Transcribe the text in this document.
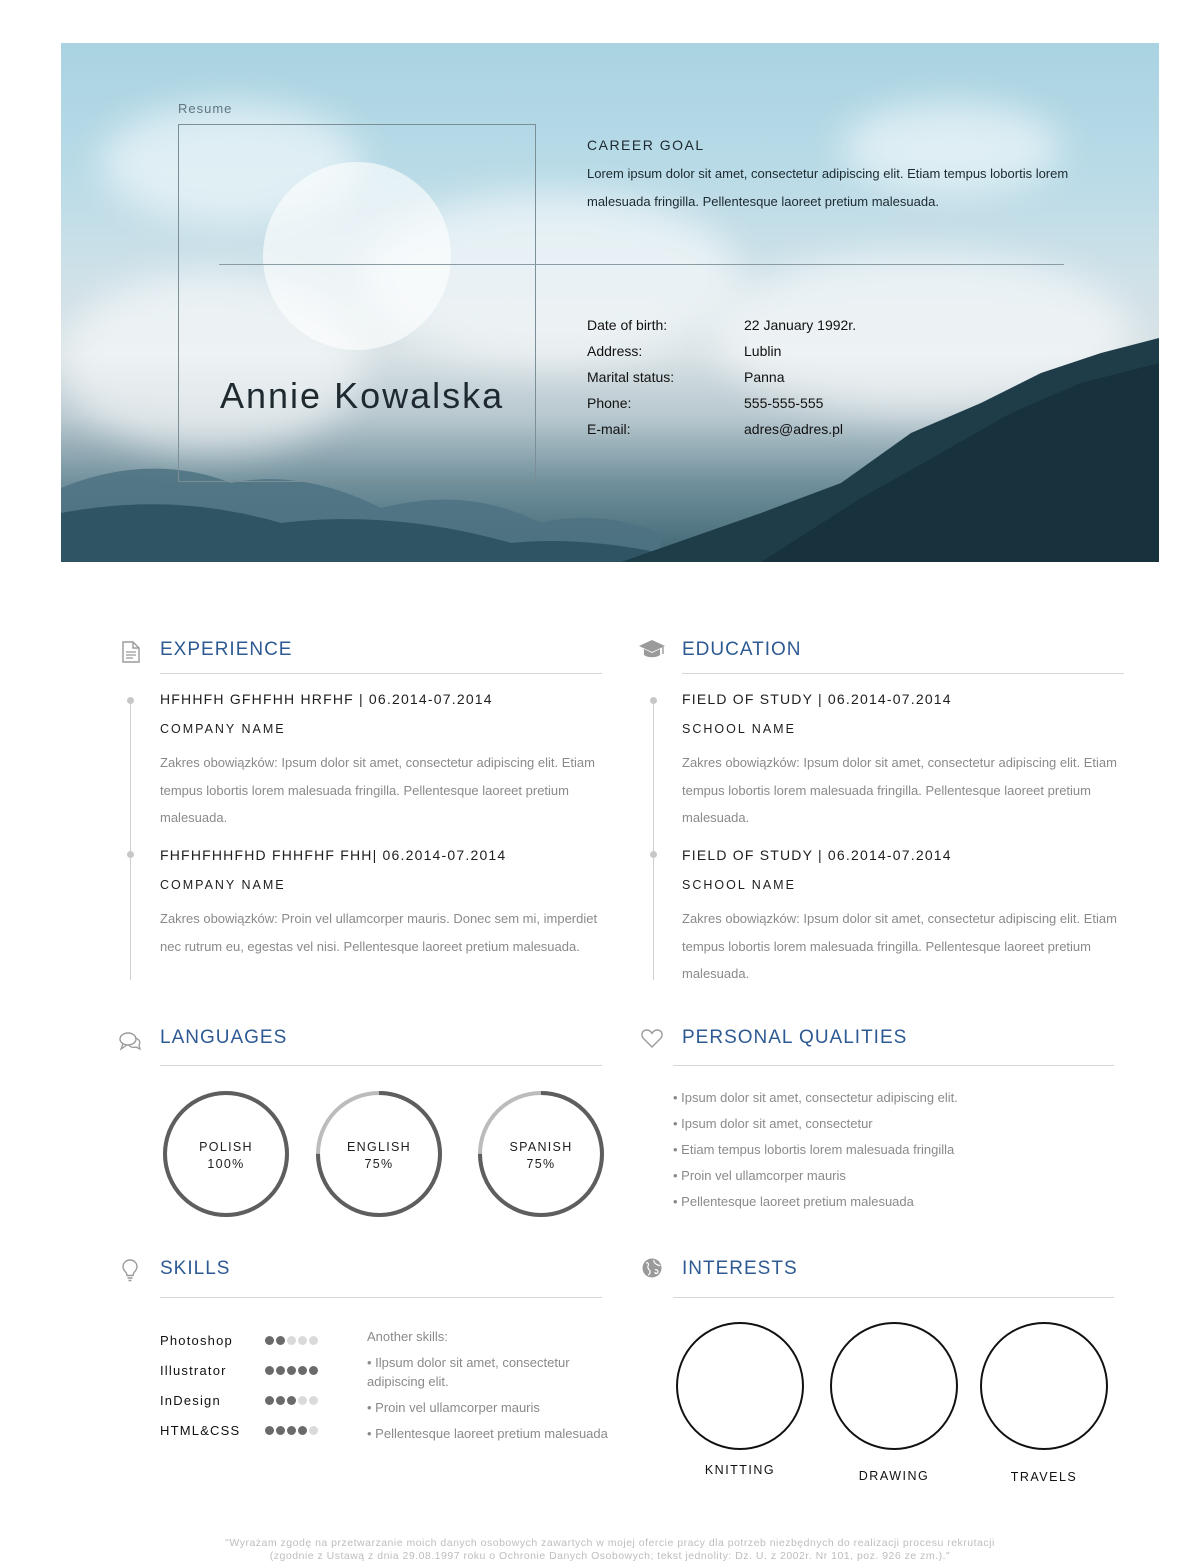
Resume
Annie Kowalska
CAREER GOAL
Lorem ipsum dolor sit amet, consectetur adipiscing elit. Etiam tempus lobortis lorem malesuada fringilla. Pellentesque laoreet pretium malesuada.
Date of birth:	22 January 1992r.
Address:	Lublin
Marital status:	Panna
Phone:	555-555-555
E-mail:	adres@adres.pl
EXPERIENCE
HFHHFH GFHFHH HRFHF | 06.2014-07.2014
COMPANY NAME
Zakres obowiązków: Ipsum dolor sit amet, consectetur adipiscing elit. Etiam tempus lobortis lorem malesuada fringilla. Pellentesque laoreet pretium malesuada.
FHFHFHHFHD FHHFHF FHH| 06.2014-07.2014
COMPANY NAME
Zakres obowiązków: Proin vel ullamcorper mauris. Donec sem mi, imperdiet nec rutrum eu, egestas vel nisi. Pellentesque laoreet pretium malesuada.
EDUCATION
FIELD OF STUDY | 06.2014-07.2014
SCHOOL NAME
Zakres obowiązków: Ipsum dolor sit amet, consectetur adipiscing elit. Etiam tempus lobortis lorem malesuada fringilla. Pellentesque laoreet pretium malesuada.
FIELD OF STUDY | 06.2014-07.2014
SCHOOL NAME
Zakres obowiązków: Ipsum dolor sit amet, consectetur adipiscing elit. Etiam tempus lobortis lorem malesuada fringilla. Pellentesque laoreet pretium malesuada.
LANGUAGES
POLISH
100%
ENGLISH
75%
SPANISH
75%
PERSONAL QUALITIES
• Ipsum dolor sit amet, consectetur adipiscing elit.
• Ipsum dolor sit amet, consectetur
• Etiam tempus lobortis lorem malesuada fringilla
• Proin vel ullamcorper mauris
• Pellentesque laoreet pretium malesuada
SKILLS
Photoshop
Illustrator
InDesign
HTML&CSS
Another skills:
• Ilpsum dolor sit amet, consectetur adipiscing elit.
• Proin vel ullamcorper mauris
• Pellentesque laoreet pretium malesuada
INTERESTS
KNITTING	DRAWING	TRAVELS
"Wyrażam zgodę na przetwarzanie moich danych osobowych zawartych w mojej ofercie pracy dla potrzeb niezbędnych do realizacji procesu rekrutacji
(zgodnie z Ustawą z dnia 29.08.1997 roku o Ochronie Danych Osobowych; tekst jednolity: Dz. U. z 2002r. Nr 101, poz. 926 ze zm.)."
